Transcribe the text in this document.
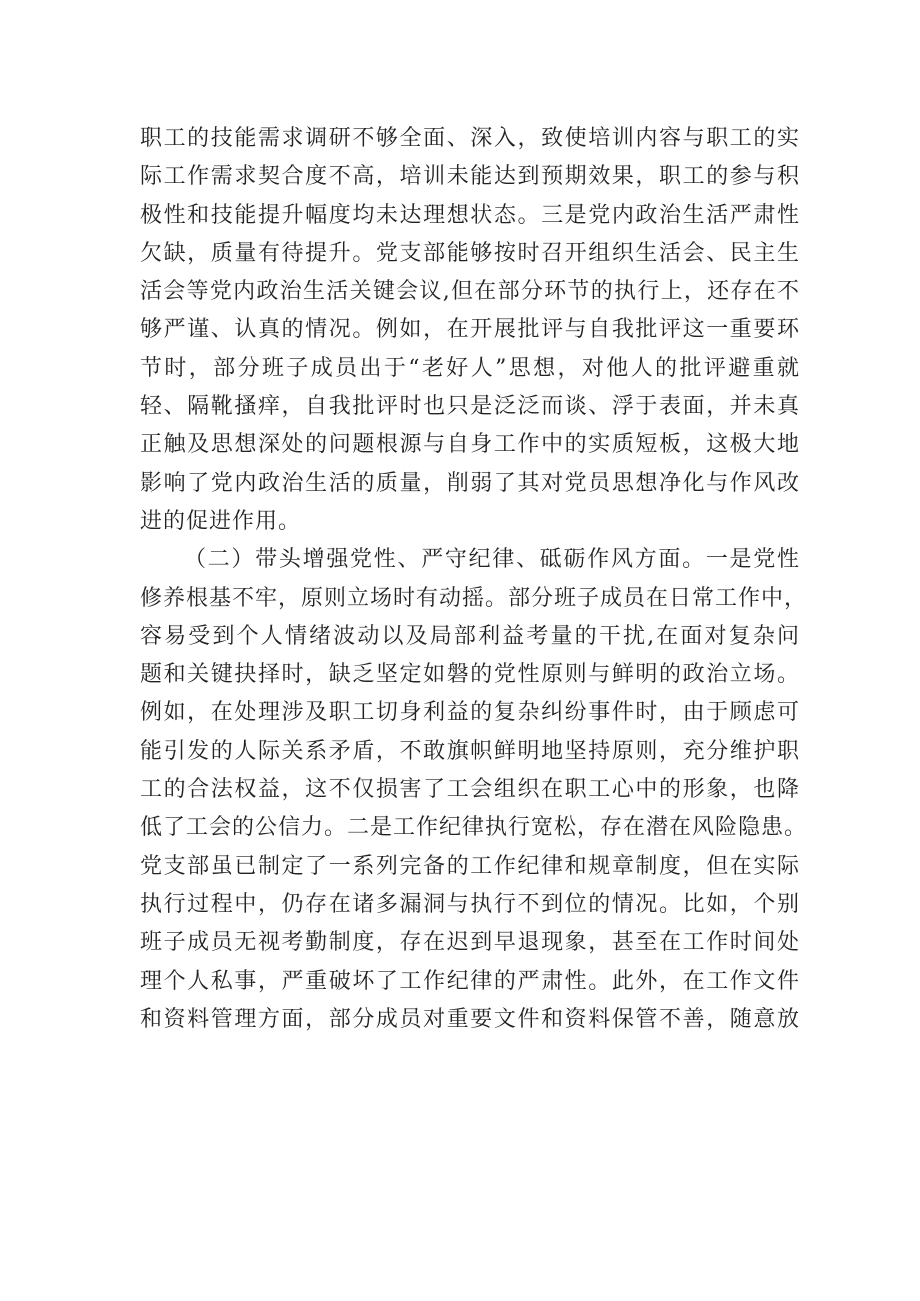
职工的技能需求调研不够全面、深入，致使培训内容与职工的实
际工作需求契合度不高，培训未能达到预期效果，职工的参与积
极性和技能提升幅度均未达理想状态。三是党内政治生活严肃性
欠缺，质量有待提升。党支部能够按时召开组织生活会、民主生
活会等党内政治生活关键会议,但在部分环节的执行上，还存在不
够严谨、认真的情况。例如，在开展批评与自我批评这一重要环
节时，部分班子成员出于“老好人”思想，对他人的批评避重就
轻、隔靴搔痒，自我批评时也只是泛泛而谈、浮于表面，并未真
正触及思想深处的问题根源与自身工作中的实质短板，这极大地
影响了党内政治生活的质量，削弱了其对党员思想净化与作风改
进的促进作用。
（二）带头增强党性、严守纪律、砥砺作风方面。一是党性
修养根基不牢，原则立场时有动摇。部分班子成员在日常工作中，
容易受到个人情绪波动以及局部利益考量的干扰,在面对复杂问
题和关键抉择时，缺乏坚定如磐的党性原则与鲜明的政治立场。
例如，在处理涉及职工切身利益的复杂纠纷事件时，由于顾虑可
能引发的人际关系矛盾，不敢旗帜鲜明地坚持原则，充分维护职
工的合法权益，这不仅损害了工会组织在职工心中的形象，也降
低了工会的公信力。二是工作纪律执行宽松，存在潜在风险隐患。
党支部虽已制定了一系列完备的工作纪律和规章制度，但在实际
执行过程中，仍存在诸多漏洞与执行不到位的情况。比如，个别
班子成员无视考勤制度，存在迟到早退现象，甚至在工作时间处
理个人私事，严重破坏了工作纪律的严肃性。此外，在工作文件
和资料管理方面，部分成员对重要文件和资料保管不善，随意放
